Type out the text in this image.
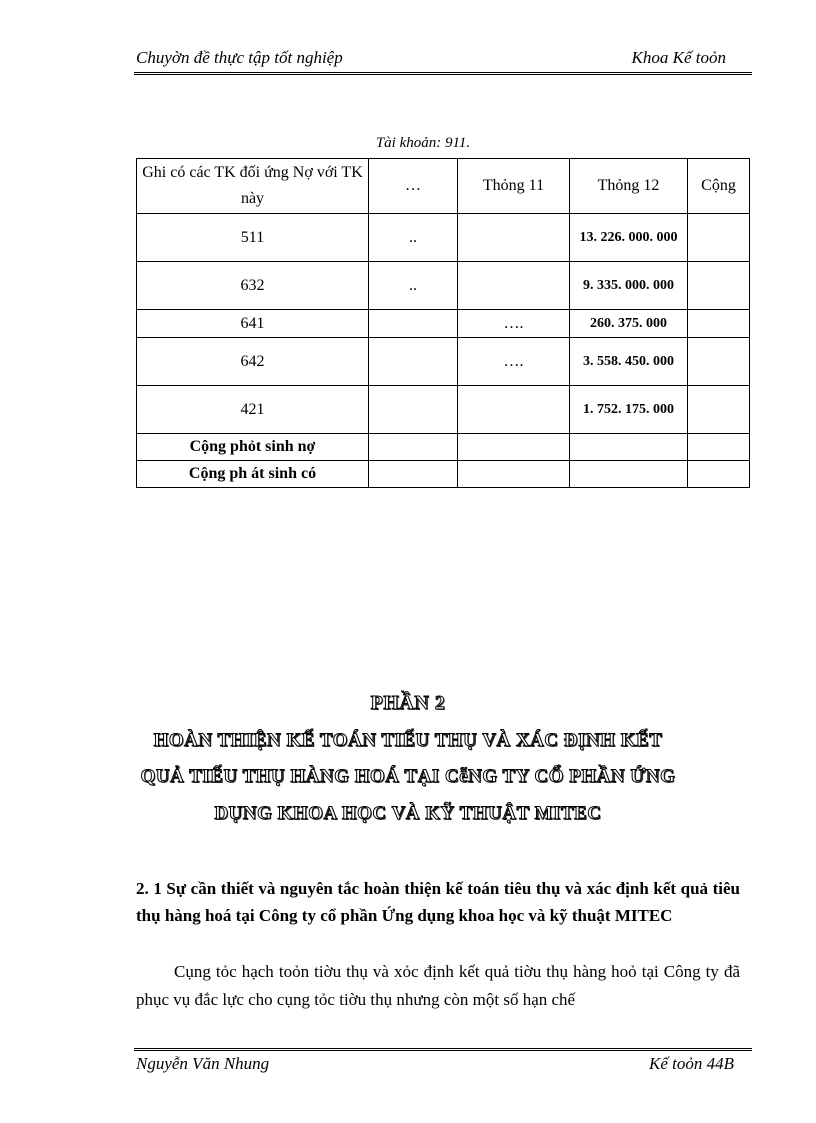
Chuyờn đề thực tập tốt nghiệp	Khoa Kế toỏn
Tài khoản: 911.
Ghi có các TK đối ứng Nợ với TK này	…	Thỏng 11	Thỏng 12	Cộng
511	..		13. 226. 000. 000	
632	..		9. 335. 000. 000	
641		….	260. 375. 000	
642		….	3. 558. 450. 000	
421			1. 752. 175. 000	
Cộng phỏt sinh nợ				
Cộng ph át sinh có				
PHẦN 2
HOÀN THIỆN KẾ TOÁN TIẾU THỤ VÀ XÁC ĐỊNH KẾT
QUẢ TIẾU THỤ HÀNG HOÁ TẠI CễNG TY CỔ PHẦN ỨNG
DỤNG KHOA HỌC VÀ KỸ THUẬT MITEC
2. 1 Sự cần thiết và nguyên tắc hoàn thiện kế toán tiêu thụ và xác định kết quả tiêu thụ hàng hoá tại Công ty cổ phần Ứng dụng khoa học và kỹ thuật MITEC
Cụng tỏc hạch toỏn tiờu thụ và xỏc định kết quả tiờu thụ hàng hoỏ tại Công ty đã phục vụ đắc lực cho cụng tỏc tiờu thụ nhưng còn một số hạn chế
Nguyễn Văn Nhung	Kế toỏn 44B
